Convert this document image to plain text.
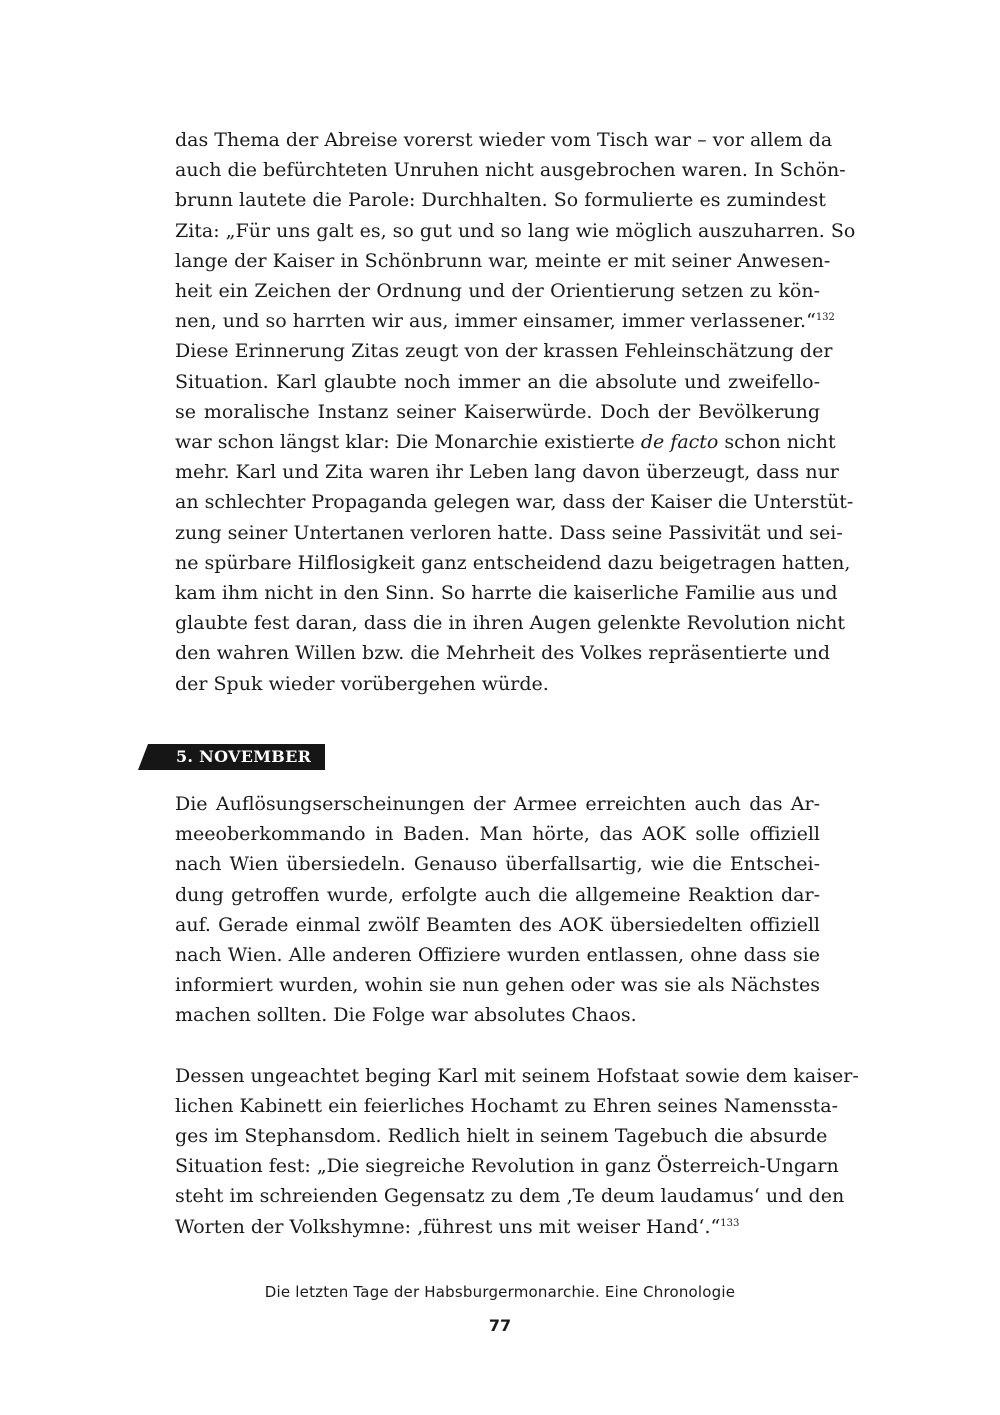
das Thema der Abreise vorerst wieder vom Tisch war – vor allem da
auch die befürchteten Unruhen nicht ausgebrochen waren. In Schön-
brunn lautete die Parole: Durchhalten. So formulierte es zumindest
Zita: „Für uns galt es, so gut und so lang wie möglich auszuharren. So
lange der Kaiser in Schönbrunn war, meinte er mit seiner Anwesen-
heit ein Zeichen der Ordnung und der Orientierung setzen zu kön-
nen, und so harrten wir aus, immer einsamer, immer verlassener.“$^{132}$
Diese Erinnerung Zitas zeugt von der krassen Fehleinschätzung der
Situation. Karl glaubte noch immer an die absolute und zweifello-
se moralische Instanz seiner Kaiserwürde. Doch der Bevölkerung
war schon längst klar: Die Monarchie existierte de facto schon nicht
mehr. Karl und Zita waren ihr Leben lang davon überzeugt, dass nur
an schlechter Propaganda gelegen war, dass der Kaiser die Unterstüt-
zung seiner Untertanen verloren hatte. Dass seine Passivität und sei-
ne spürbare Hilflosigkeit ganz entscheidend dazu beigetragen hatten,
kam ihm nicht in den Sinn. So harrte die kaiserliche Familie aus und
glaubte fest daran, dass die in ihren Augen gelenkte Revolution nicht
den wahren Willen bzw. die Mehrheit des Volkes repräsentierte und
der Spuk wieder vorübergehen würde.

5. NOVEMBER

Die Auflösungserscheinungen der Armee erreichten auch das Ar-
meeoberkommando in Baden. Man hörte, das AOK solle offiziell
nach Wien übersiedeln. Genauso überfallsartig, wie die Entschei-
dung getroffen wurde, erfolgte auch die allgemeine Reaktion dar-
auf. Gerade einmal zwölf Beamten des AOK übersiedelten offiziell
nach Wien. Alle anderen Offiziere wurden entlassen, ohne dass sie
informiert wurden, wohin sie nun gehen oder was sie als Nächstes
machen sollten. Die Folge war absolutes Chaos.

Dessen ungeachtet beging Karl mit seinem Hofstaat sowie dem kaiser-
lichen Kabinett ein feierliches Hochamt zu Ehren seines Namenssta-
ges im Stephansdom. Redlich hielt in seinem Tagebuch die absurde
Situation fest: „Die siegreiche Revolution in ganz Österreich-Ungarn
steht im schreienden Gegensatz zu dem ‚Te deum laudamus‘ und den
Worten der Volkshymne: ‚führest uns mit weiser Hand‘.“$^{133}$

Die letzten Tage der Habsburgermonarchie. Eine Chronologie
77
